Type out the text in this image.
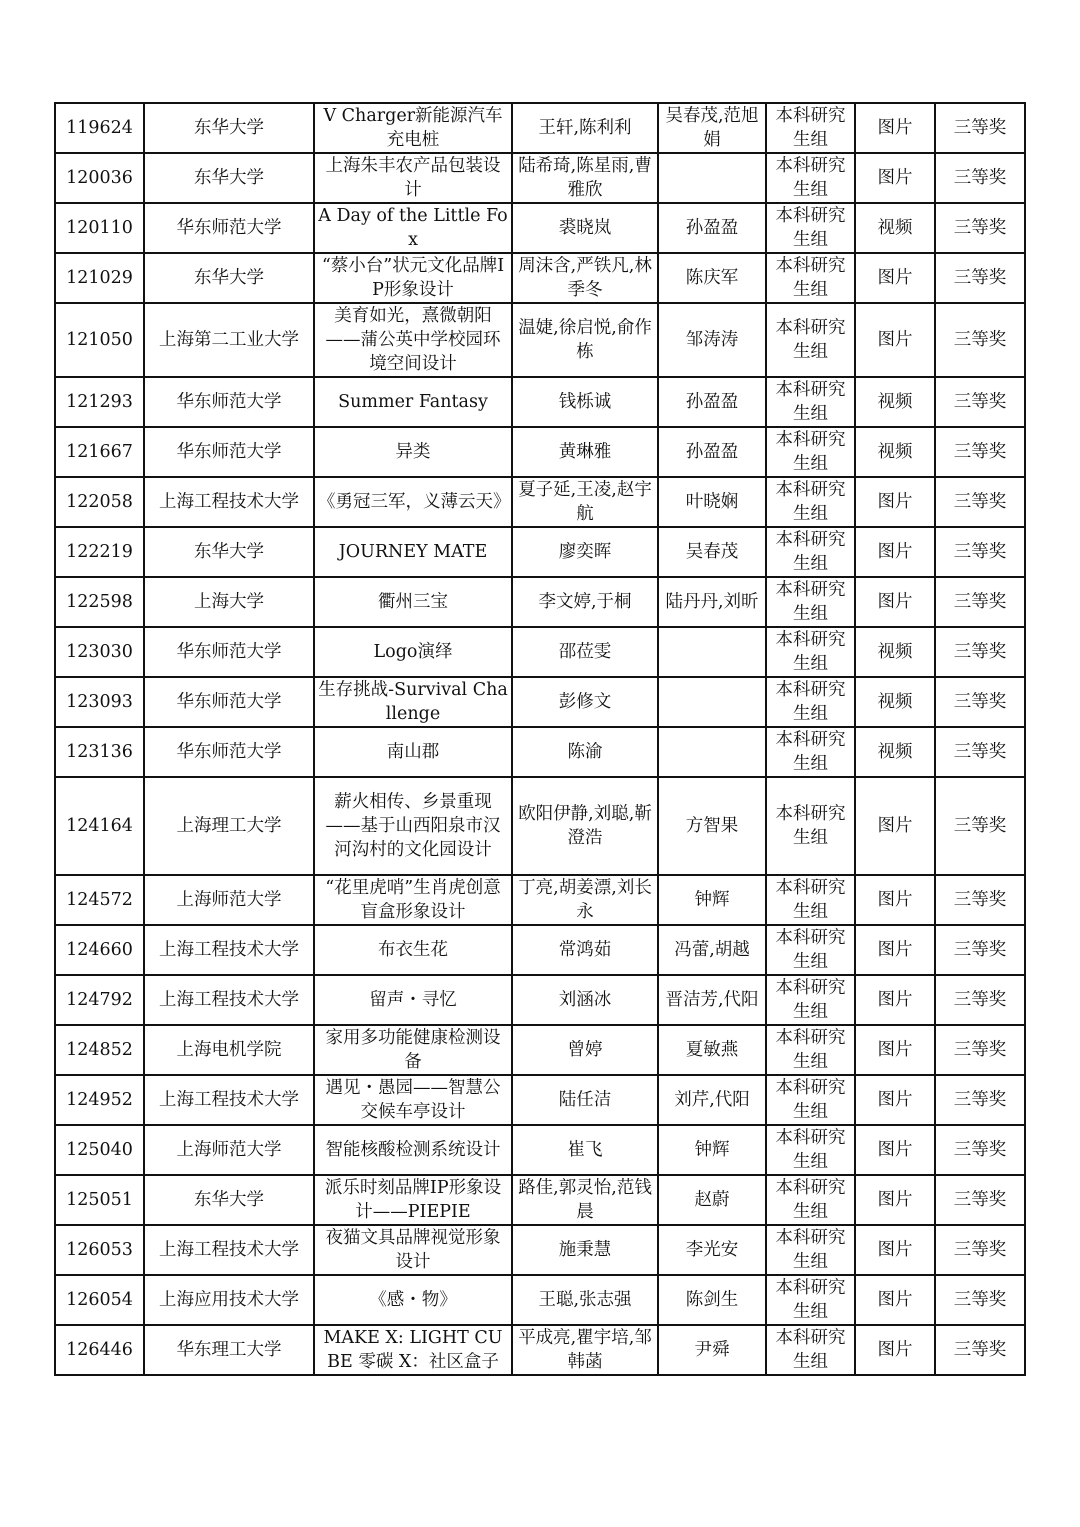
119624	东华大学	V Charger新能源汽车充电桩	王轩,陈利利	吴春茂,范旭娟	本科研究生组	图片	三等奖
120036	东华大学	上海朱丰农产品包装设计	陆希琦,陈星雨,曹雅欣		本科研究生组	图片	三等奖
120110	华东师范大学	A Day of the Little Fox	裘晓岚	孙盈盈	本科研究生组	视频	三等奖
121029	东华大学	“蔡小台”状元文化品牌IP形象设计	周沫含,严铁凡,林季冬	陈庆军	本科研究生组	图片	三等奖
121050	上海第二工业大学	美育如光，熹微朝阳——蒲公英中学校园环境空间设计	温婕,徐启悦,俞作栋	邹涛涛	本科研究生组	图片	三等奖
121293	华东师范大学	Summer Fantasy	钱栎诚	孙盈盈	本科研究生组	视频	三等奖
121667	华东师范大学	异类	黄琳雅	孙盈盈	本科研究生组	视频	三等奖
122058	上海工程技术大学	《勇冠三军，义薄云天》	夏子延,王凌,赵宇航	叶晓娴	本科研究生组	图片	三等奖
122219	东华大学	JOURNEY MATE	廖奕晖	吴春茂	本科研究生组	图片	三等奖
122598	上海大学	衢州三宝	李文婷,于桐	陆丹丹,刘昕	本科研究生组	图片	三等奖
123030	华东师范大学	Logo演绎	邵莅雯		本科研究生组	视频	三等奖
123093	华东师范大学	生存挑战-Survival Challenge	彭修文		本科研究生组	视频	三等奖
123136	华东师范大学	南山郡	陈渝		本科研究生组	视频	三等奖
124164	上海理工大学	薪火相传、乡景重现——基于山西阳泉市汉河沟村的文化园设计	欧阳伊静,刘聪,靳澄浩	方智果	本科研究生组	图片	三等奖
124572	上海师范大学	“花里虎哨”生肖虎创意盲盒形象设计	丁亮,胡姜漂,刘长永	钟辉	本科研究生组	图片	三等奖
124660	上海工程技术大学	布衣生花	常鸿茹	冯蕾,胡越	本科研究生组	图片	三等奖
124792	上海工程技术大学	留声・寻忆	刘涵冰	晋洁芳,代阳	本科研究生组	图片	三等奖
124852	上海电机学院	家用多功能健康检测设备	曾婷	夏敏燕	本科研究生组	图片	三等奖
124952	上海工程技术大学	遇见・愚园——智慧公交候车亭设计	陆任洁	刘芹,代阳	本科研究生组	图片	三等奖
125040	上海师范大学	智能核酸检测系统设计	崔飞	钟辉	本科研究生组	图片	三等奖
125051	东华大学	派乐时刻品牌IP形象设计——PIEPIE	路佳,郭灵怡,范钱晨	赵蔚	本科研究生组	图片	三等奖
126053	上海工程技术大学	夜猫文具品牌视觉形象设计	施秉慧	李光安	本科研究生组	图片	三等奖
126054	上海应用技术大学	《感・物》	王聪,张志强	陈剑生	本科研究生组	图片	三等奖
126446	华东理工大学	MAKE X: LIGHT CUBE 零碳 X：社区盒子	平成亮,瞿宇培,邹韩菡	尹舜	本科研究生组	图片	三等奖
